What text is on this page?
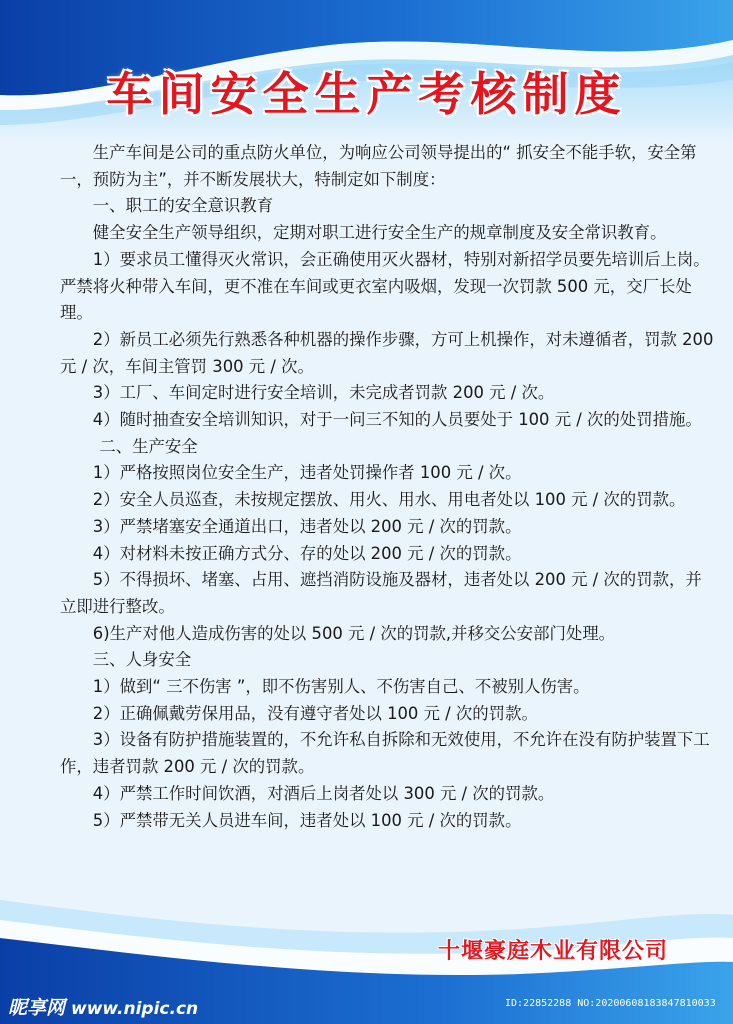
车间安全生产考核制度

生产车间是公司的重点防火单位，为响应公司领导提出的“ 抓安全不能手软，安全第一，预防为主”，并不断发展状大，特制定如下制度：

一、职工的安全意识教育

健全安全生产领导组织，定期对职工进行安全生产的规章制度及安全常识教育。

1）要求员工懂得灭火常识，会正确使用灭火器材，特别对新招学员要先培训后上岗。严禁将火种带入车间，更不准在车间或更衣室内吸烟，发现一次罚款 500 元，交厂长处理。

2）新员工必须先行熟悉各种机器的操作步骤，方可上机操作，对未遵循者，罚款 200 元 / 次，车间主管罚 300 元 / 次。

3）工厂、车间定时进行安全培训，未完成者罚款 200 元 / 次。

4）随时抽查安全培训知识，对于一问三不知的人员要处于 100 元 / 次的处罚措施。

二、生产安全

1）严格按照岗位安全生产，违者处罚操作者 100 元 / 次。

2）安全人员巡查，未按规定摆放、用火、用水、用电者处以 100 元 / 次的罚款。

3）严禁堵塞安全通道出口，违者处以 200 元 / 次的罚款。

4）对材料未按正确方式分、存的处以 200 元 / 次的罚款。

5）不得损坏、堵塞、占用、遮挡消防设施及器材，违者处以 200 元 / 次的罚款，并立即进行整改。

6)生产对他人造成伤害的处以 500 元 / 次的罚款,并移交公安部门处理。

三、人身安全

1）做到“ 三不伤害 ”，即不伤害别人、不伤害自己、不被别人伤害。

2）正确佩戴劳保用品，没有遵守者处以 100 元 / 次的罚款。

3）设备有防护措施装置的，不允许私自拆除和无效使用，不允许在没有防护装置下工作，违者罚款 200 元 / 次的罚款。

4）严禁工作时间饮酒，对酒后上岗者处以 300 元 / 次的罚款。

5）严禁带无关人员进车间，违者处以 100 元 / 次的罚款。

十堰豪庭木业有限公司
昵享网 www.nipic.cn	ID:22852288 NO:20200608183847810033
